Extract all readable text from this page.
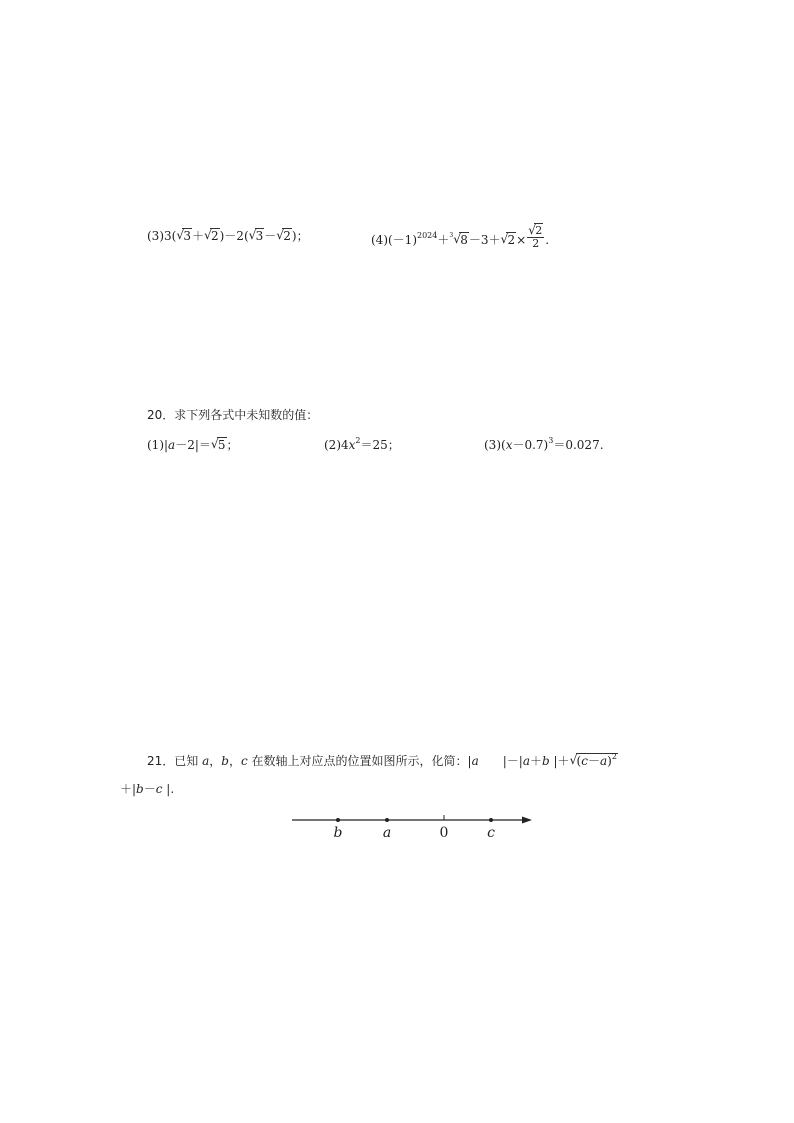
(3)3( √ 3＋ √ 2)－2( √ 3－ √ 2)；	$(4)(-1)^{2024}+^3$ √ 8－3＋ √ $2\times \frac{√ 2}{2}$ .
20．求下列各式中未知数的值：
(1)|a－2|＝ √ 5；	$(2)4x^2=25$；	$(3)(x-0.7)^3=0.027$.
21．已知 a，b，c 在数轴上对应点的位置如图所示，化简：|a　　|－|a＋b |＋ √ $(c-a)^2$
＋|b－c |.
b	a	0	c
